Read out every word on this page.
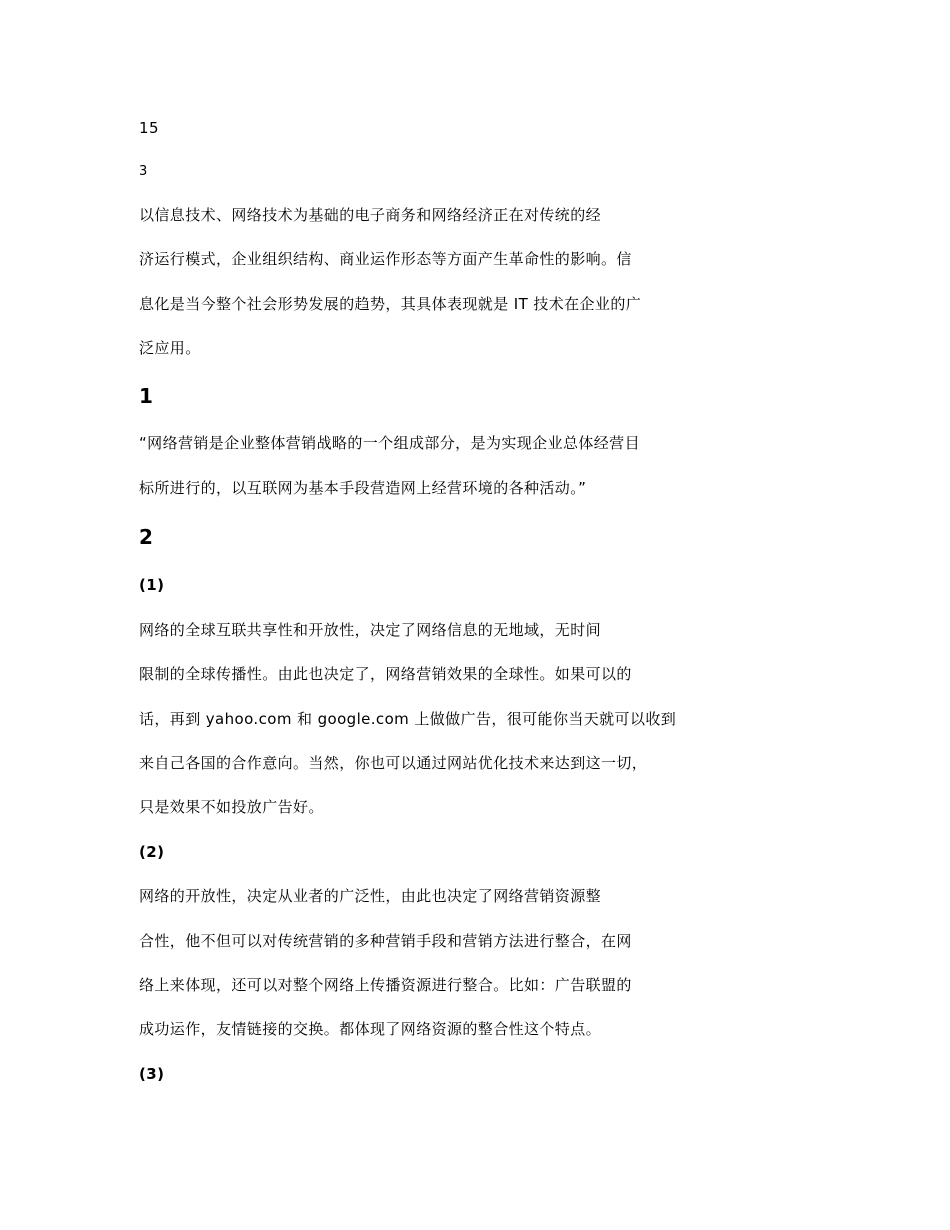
15
3
以信息技术、网络技术为基础的电子商务和网络经济正在对传统的经
济运行模式，企业组织结构、商业运作形态等方面产生革命性的影响。信
息化是当今整个社会形势发展的趋势，其具体表现就是 IT 技术在企业的广
泛应用。
1
“网络营销是企业整体营销战略的一个组成部分，是为实现企业总体经营目
标所进行的，以互联网为基本手段营造网上经营环境的各种活动。”
2
(1)
网络的全球互联共享性和开放性，决定了网络信息的无地域，无时间
限制的全球传播性。由此也决定了，网络营销效果的全球性。如果可以的
话，再到 yahoo.com 和 google.com 上做做广告，很可能你当天就可以收到
来自己各国的合作意向。当然，你也可以通过网站优化技术来达到这一切，
只是效果不如投放广告好。
(2)
网络的开放性，决定从业者的广泛性，由此也决定了网络营销资源整
合性，他不但可以对传统营销的多种营销手段和营销方法进行整合，在网
络上来体现，还可以对整个网络上传播资源进行整合。比如：广告联盟的
成功运作，友情链接的交换。都体现了网络资源的整合性这个特点。
(3)
